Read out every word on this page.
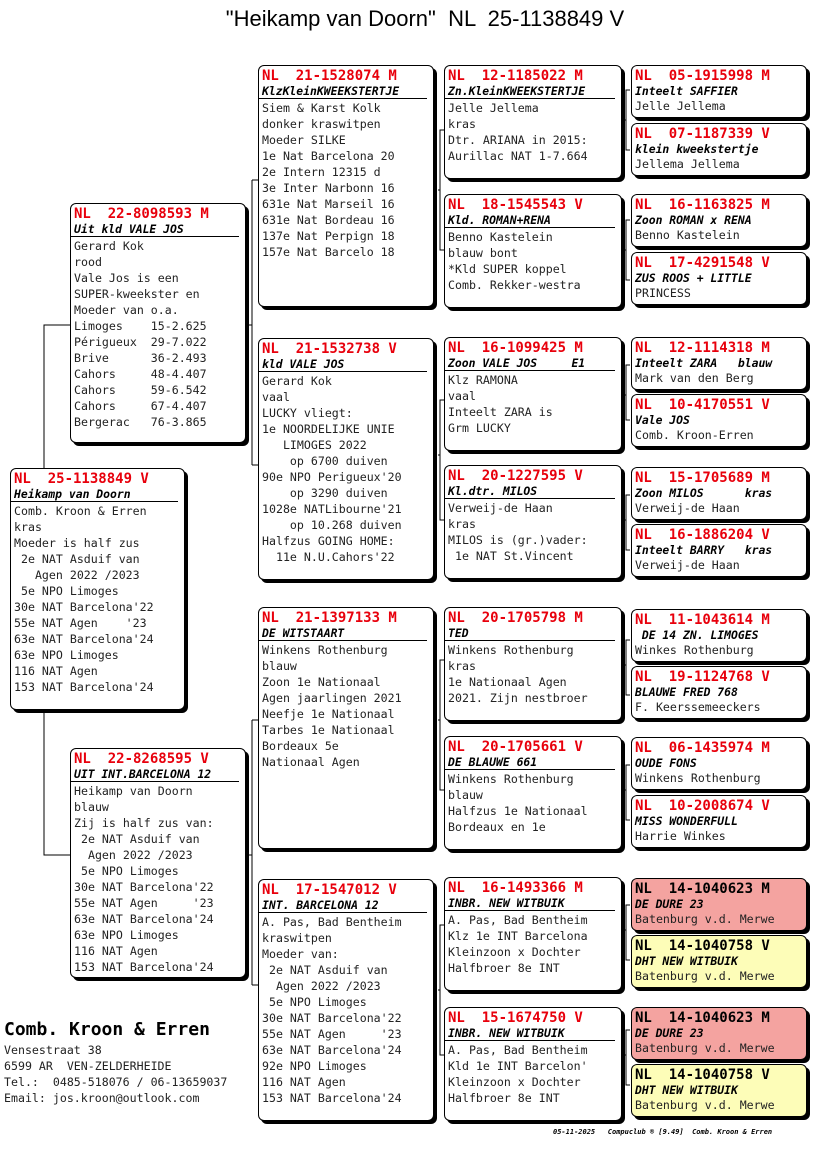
"Heikamp van Doorn"  NL  25-1138849 V
NL  25-1138849 V
Heikamp van Doorn
Comb. Kroon & Erren
kras
Moeder is half zus
2e NAT Asduif van
Agen 2022 /2023
5e NPO Limoges
30e NAT Barcelona'22
55e NAT Agen    '23
63e NAT Barcelona'24
63e NPO Limoges
116 NAT Agen
153 NAT Barcelona'24
NL  22-8098593 M
Uit kld VALE JOS
Gerard Kok
rood
Vale Jos is een
SUPER-kweekster en
Moeder van o.a.
Limoges    15-2.625
Périgueux  29-7.022
Brive      36-2.493
Cahors     48-4.407
Cahors     59-6.542
Cahors     67-4.407
Bergerac   76-3.865
NL  22-8268595 V
UIT INT.BARCELONA 12
Heikamp van Doorn
blauw
Zij is half zus van:
2e NAT Asduif van
Agen 2022 /2023
5e NPO Limoges
30e NAT Barcelona'22
55e NAT Agen     '23
63e NAT Barcelona'24
63e NPO Limoges
116 NAT Agen
153 NAT Barcelona'24
NL  21-1528074 M
KlzKleinKWEEKSTERTJE
Siem & Karst Kolk
donker kraswitpen
Moeder SILKE
1e Nat Barcelona 20
2e Intern 12315 d
3e Inter Narbonn 16
631e Nat Marseil 16
631e Nat Bordeau 16
137e Nat Perpign 18
157e Nat Barcelo 18
NL  21-1532738 V
kld VALE JOS
Gerard Kok
vaal
LUCKY vliegt:
1e NOORDELIJKE UNIE
LIMOGES 2022
op 6700 duiven
90e NPO Perigueux'20
op 3290 duiven
1028e NATLibourne'21
op 10.268 duiven
Halfzus GOING HOME:
11e N.U.Cahors'22
NL  21-1397133 M
DE WITSTAART
Winkens Rothenburg
blauw
Zoon 1e Nationaal
Agen jaarlingen 2021
Neefje 1e Nationaal
Tarbes 1e Nationaal
Bordeaux 5e
Nationaal Agen
NL  17-1547012 V
INT. BARCELONA 12
A. Pas, Bad Bentheim
kraswitpen
Moeder van:
2e NAT Asduif van
Agen 2022 /2023
5e NPO Limoges
30e NAT Barcelona'22
55e NAT Agen     '23
63e NAT Barcelona'24
92e NPO Limoges
116 NAT Agen
153 NAT Barcelona'24
NL  12-1185022 M
Zn.KleinKWEEKSTERTJE
Jelle Jellema
kras
Dtr. ARIANA in 2015:
Aurillac NAT 1-7.664
NL  18-1545543 V
Kld. ROMAN+RENA
Benno Kastelein
blauw bont
*Kld SUPER koppel
Comb. Rekker-westra
NL  16-1099425 M
Zoon VALE JOS     E1
Klz RAMONA
vaal
Inteelt ZARA is
Grm LUCKY
NL  20-1227595 V
Kl.dtr. MILOS
Verweij-de Haan
kras
MILOS is (gr.)vader:
1e NAT St.Vincent
NL  20-1705798 M
TED
Winkens Rothenburg
kras
1e Nationaal Agen
2021. Zijn nestbroer
NL  20-1705661 V
DE BLAUWE 661
Winkens Rothenburg
blauw
Halfzus 1e Nationaal
Bordeaux en 1e
NL  16-1493366 M
INBR. NEW WITBUIK
A. Pas, Bad Bentheim
Klz 1e INT Barcelona
Kleinzoon x Dochter
Halfbroer 8e INT
NL  15-1674750 V
INBR. NEW WITBUIK
A. Pas, Bad Bentheim
Kld 1e INT Barcelon'
Kleinzoon x Dochter
Halfbroer 8e INT
NL  05-1915998 M
Inteelt SAFFIER
Jelle Jellema
NL  07-1187339 V
klein kweekstertje
Jellema Jellema
NL  16-1163825 M
Zoon ROMAN x RENA
Benno Kastelein
NL  17-4291548 V
ZUS ROOS + LITTLE
PRINCESS
NL  12-1114318 M
Inteelt ZARA   blauw
Mark van den Berg
NL  10-4170551 V
Vale JOS
Comb. Kroon-Erren
NL  15-1705689 M
Zoon MILOS      kras
Verweij-de Haan
NL  16-1886204 V
Inteelt BARRY   kras
Verweij-de Haan
NL  11-1043614 M
DE 14 ZN. LIMOGES
Winkes Rothenburg
NL  19-1124768 V
BLAUWE FRED 768
F. Keerssemeeckers
NL  06-1435974 M
OUDE FONS
Winkens Rothenburg
NL  10-2008674 V
MISS WONDERFULL
Harrie Winkes
NL  14-1040623 M
DE DURE 23
Batenburg v.d. Merwe
NL  14-1040758 V
DHT NEW WITBUIK
Batenburg v.d. Merwe
NL  14-1040623 M
DE DURE 23
Batenburg v.d. Merwe
NL  14-1040758 V
DHT NEW WITBUIK
Batenburg v.d. Merwe
Comb. Kroon & Erren
Vensestraat 38
6599 AR  VEN-ZELDERHEIDE
Tel.:  0485-518076 / 06-13659037
Email: jos.kroon@outlook.com
05-11-2025   Compuclub ® [9.49]  Comb. Kroon & Erren
